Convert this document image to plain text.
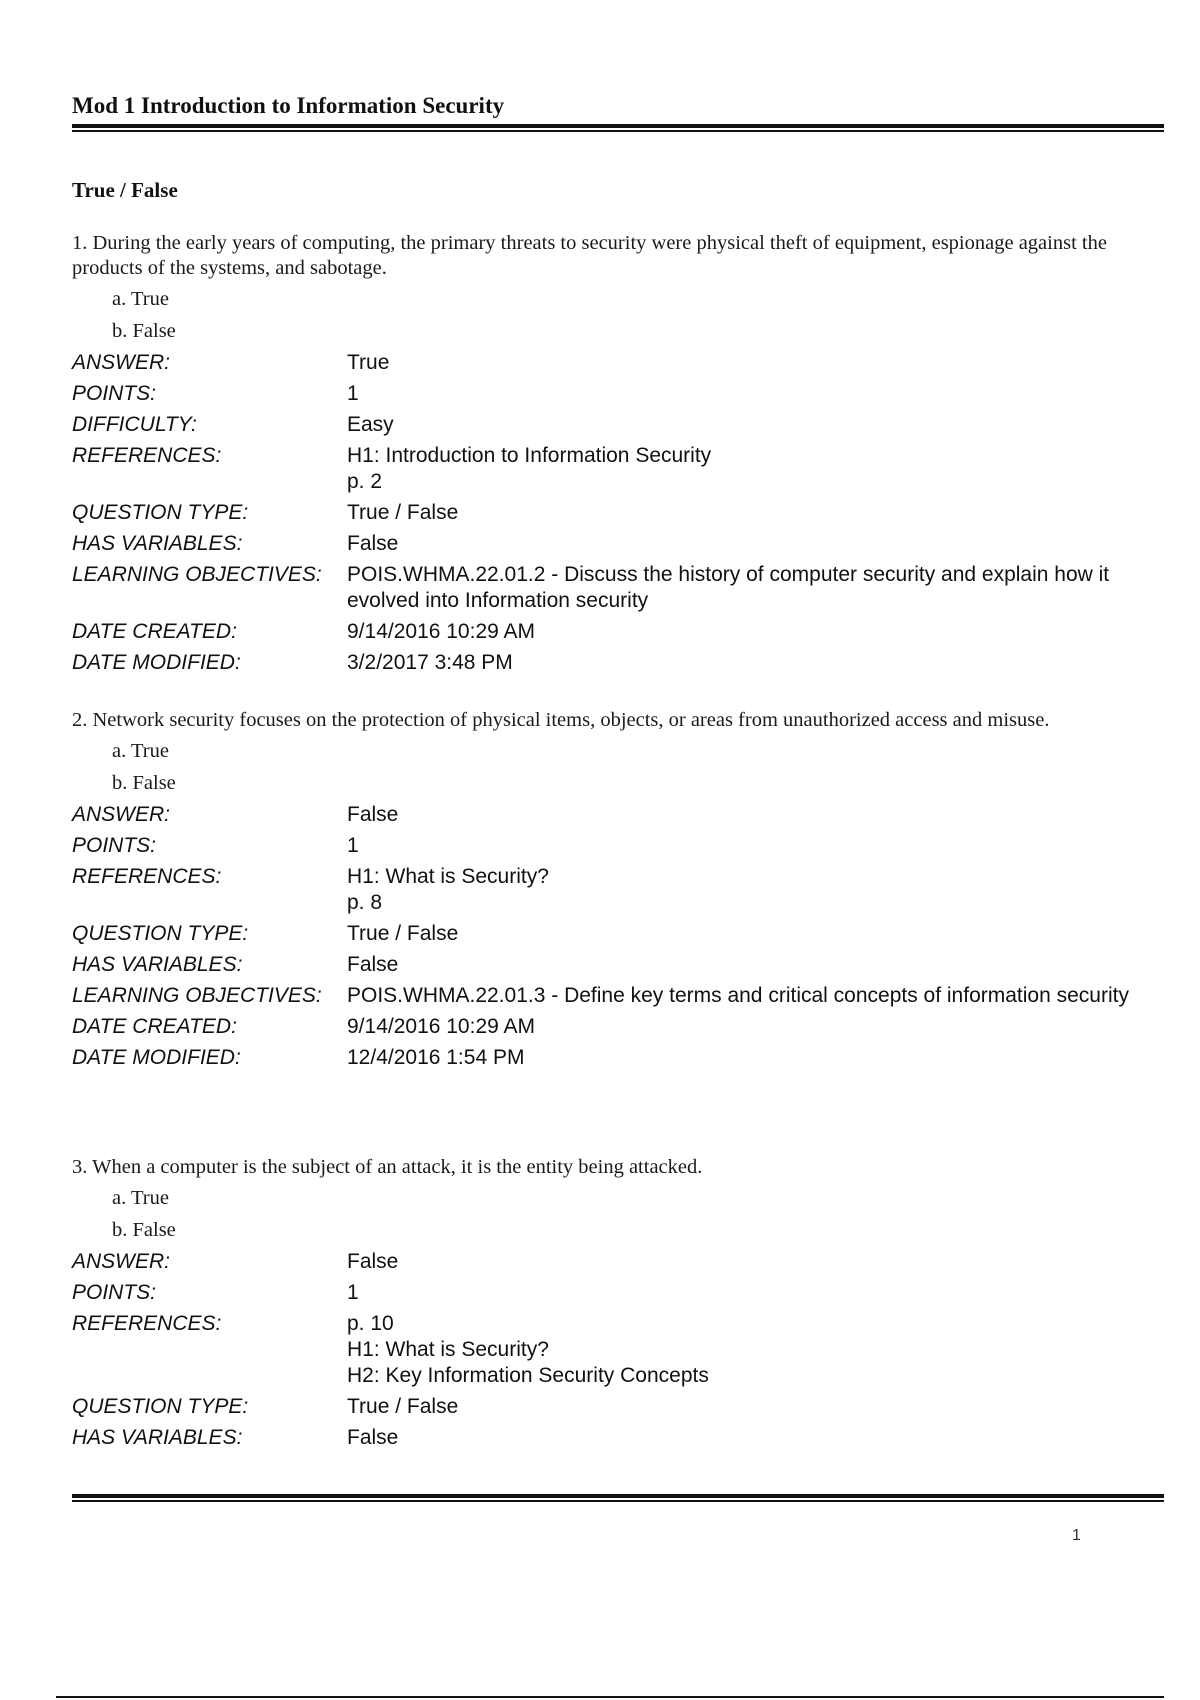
Mod 1 Introduction to Information Security
True / False
1. During the early years of computing, the primary threats to security were physical theft of equipment, espionage against the products of the systems, and sabotage.
a. True
b. False
ANSWER:	True
POINTS:	1
DIFFICULTY:	Easy
REFERENCES:	H1: Introduction to Information Security
p. 2
QUESTION TYPE:	True / False
HAS VARIABLES:	False
LEARNING OBJECTIVES:	POIS.WHMA.22.01.2 - Discuss the history of computer security and explain how it evolved into Information security
DATE CREATED:	9/14/2016 10:29 AM
DATE MODIFIED:	3/2/2017 3:48 PM
2. Network security focuses on the protection of physical items, objects, or areas from unauthorized access and misuse.
a. True
b. False
ANSWER:	False
POINTS:	1
REFERENCES:	H1: What is Security?
p. 8
QUESTION TYPE:	True / False
HAS VARIABLES:	False
LEARNING OBJECTIVES:	POIS.WHMA.22.01.3 - Define key terms and critical concepts of information security
DATE CREATED:	9/14/2016 10:29 AM
DATE MODIFIED:	12/4/2016 1:54 PM
3. When a computer is the subject of an attack, it is the entity being attacked.
a. True
b. False
ANSWER:	False
POINTS:	1
REFERENCES:	p. 10
H1: What is Security?
H2: Key Information Security Concepts
QUESTION TYPE:	True / False
HAS VARIABLES:	False
1
